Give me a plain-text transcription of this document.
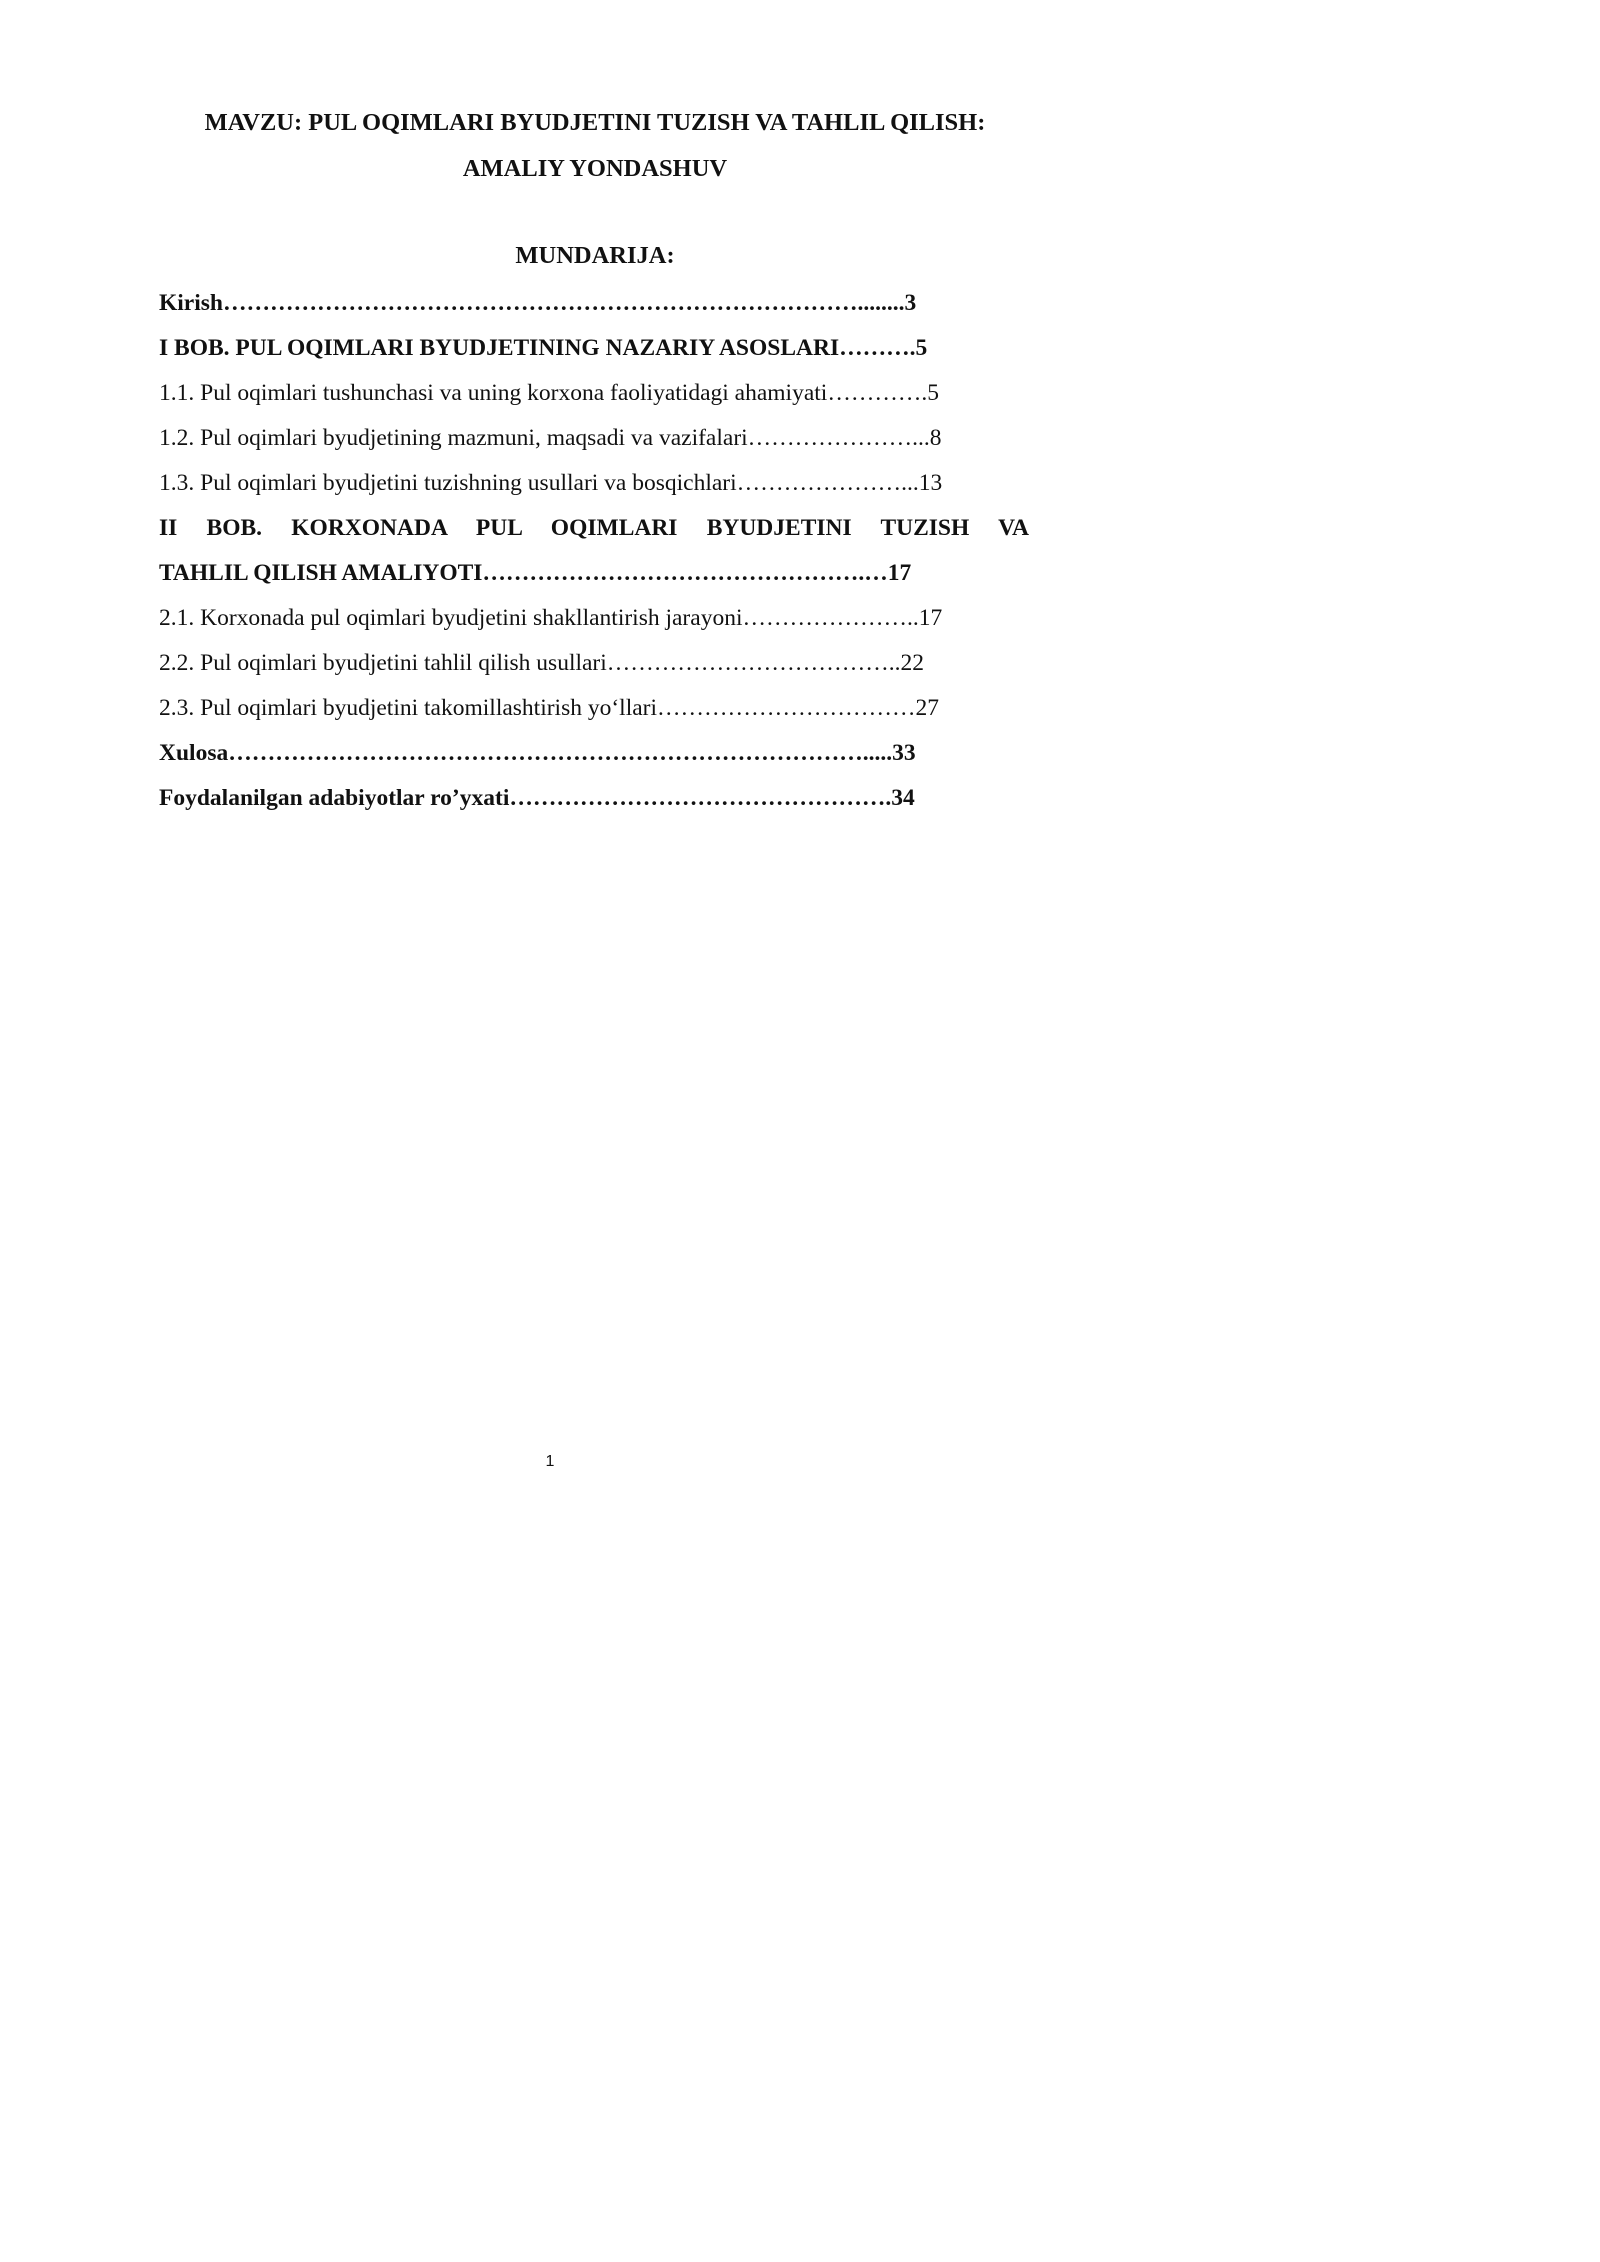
MAVZU: PUL OQIMLARI BYUDJETINI TUZISH VA TAHLIL QILISH:
AMALIY YONDASHUV
MUNDARIJA:
Kirish………………………………………………………………………........3
I BOB. PUL OQIMLARI BYUDJETINING NAZARIY ASOSLARI……….5
1.1. Pul oqimlari tushunchasi va uning korxona faoliyatidagi ahamiyati………….5
1.2. Pul oqimlari byudjetining mazmuni, maqsadi va vazifalari…………………...8
1.3. Pul oqimlari byudjetini tuzishning usullari va bosqichlari…………………...13
II BOB. KORXONADA PUL OQIMLARI BYUDJETINI TUZISH VA
TAHLIL QILISH AMALIYOTI………………………………………….…17
2.1. Korxonada pul oqimlari byudjetini shakllantirish jarayoni…………………..17
2.2. Pul oqimlari byudjetini tahlil qilish usullari………………………………..22
2.3. Pul oqimlari byudjetini takomillashtirish yo‘llari……………………………27
Xulosa……………………………………………………………………….....33
Foydalanilgan adabiyotlar ro’yxati………………………………………….34
1
